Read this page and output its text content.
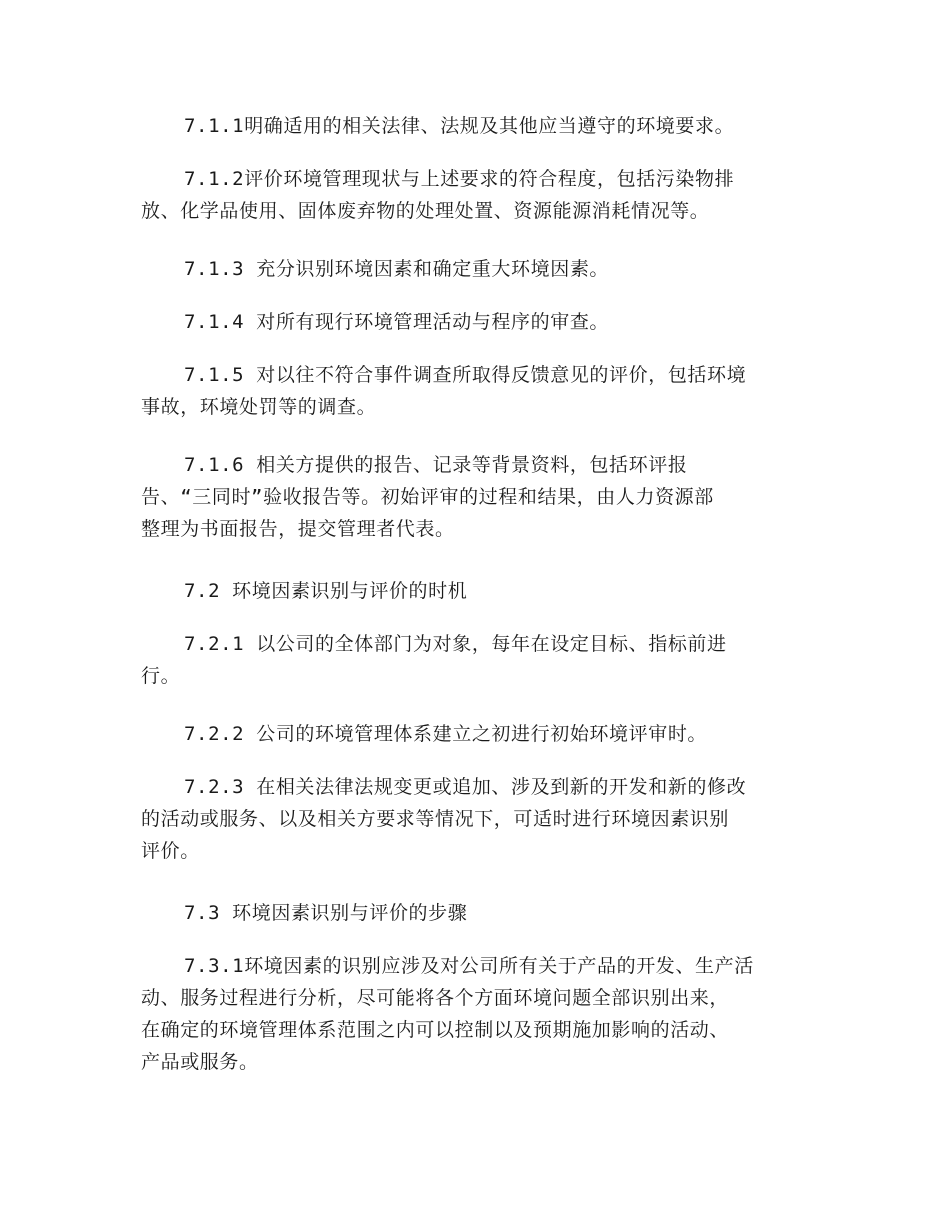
7.1.1明确适用的相关法律、法规及其他应当遵守的环境要求。

7.1.2评价环境管理现状与上述要求的符合程度，包括污染物排
放、化学品使用、固体废弃物的处理处置、资源能源消耗情况等。

7.1.3 充分识别环境因素和确定重大环境因素。

7.1.4 对所有现行环境管理活动与程序的审查。

7.1.5 对以往不符合事件调查所取得反馈意见的评价，包括环境
事故，环境处罚等的调查。

7.1.6 相关方提供的报告、记录等背景资料，包括环评报
告、“三同时”验收报告等。初始评审的过程和结果，由人力资源部
整理为书面报告，提交管理者代表。

7.2 环境因素识别与评价的时机

7.2.1 以公司的全体部门为对象，每年在设定目标、指标前进
行。

7.2.2 公司的环境管理体系建立之初进行初始环境评审时。

7.2.3 在相关法律法规变更或追加、涉及到新的开发和新的修改
的活动或服务、以及相关方要求等情况下，可适时进行环境因素识别
评价。

7.3 环境因素识别与评价的步骤

7.3.1环境因素的识别应涉及对公司所有关于产品的开发、生产活
动、服务过程进行分析，尽可能将各个方面环境问题全部识别出来，
在确定的环境管理体系范围之内可以控制以及预期施加影响的活动、
产品或服务。
